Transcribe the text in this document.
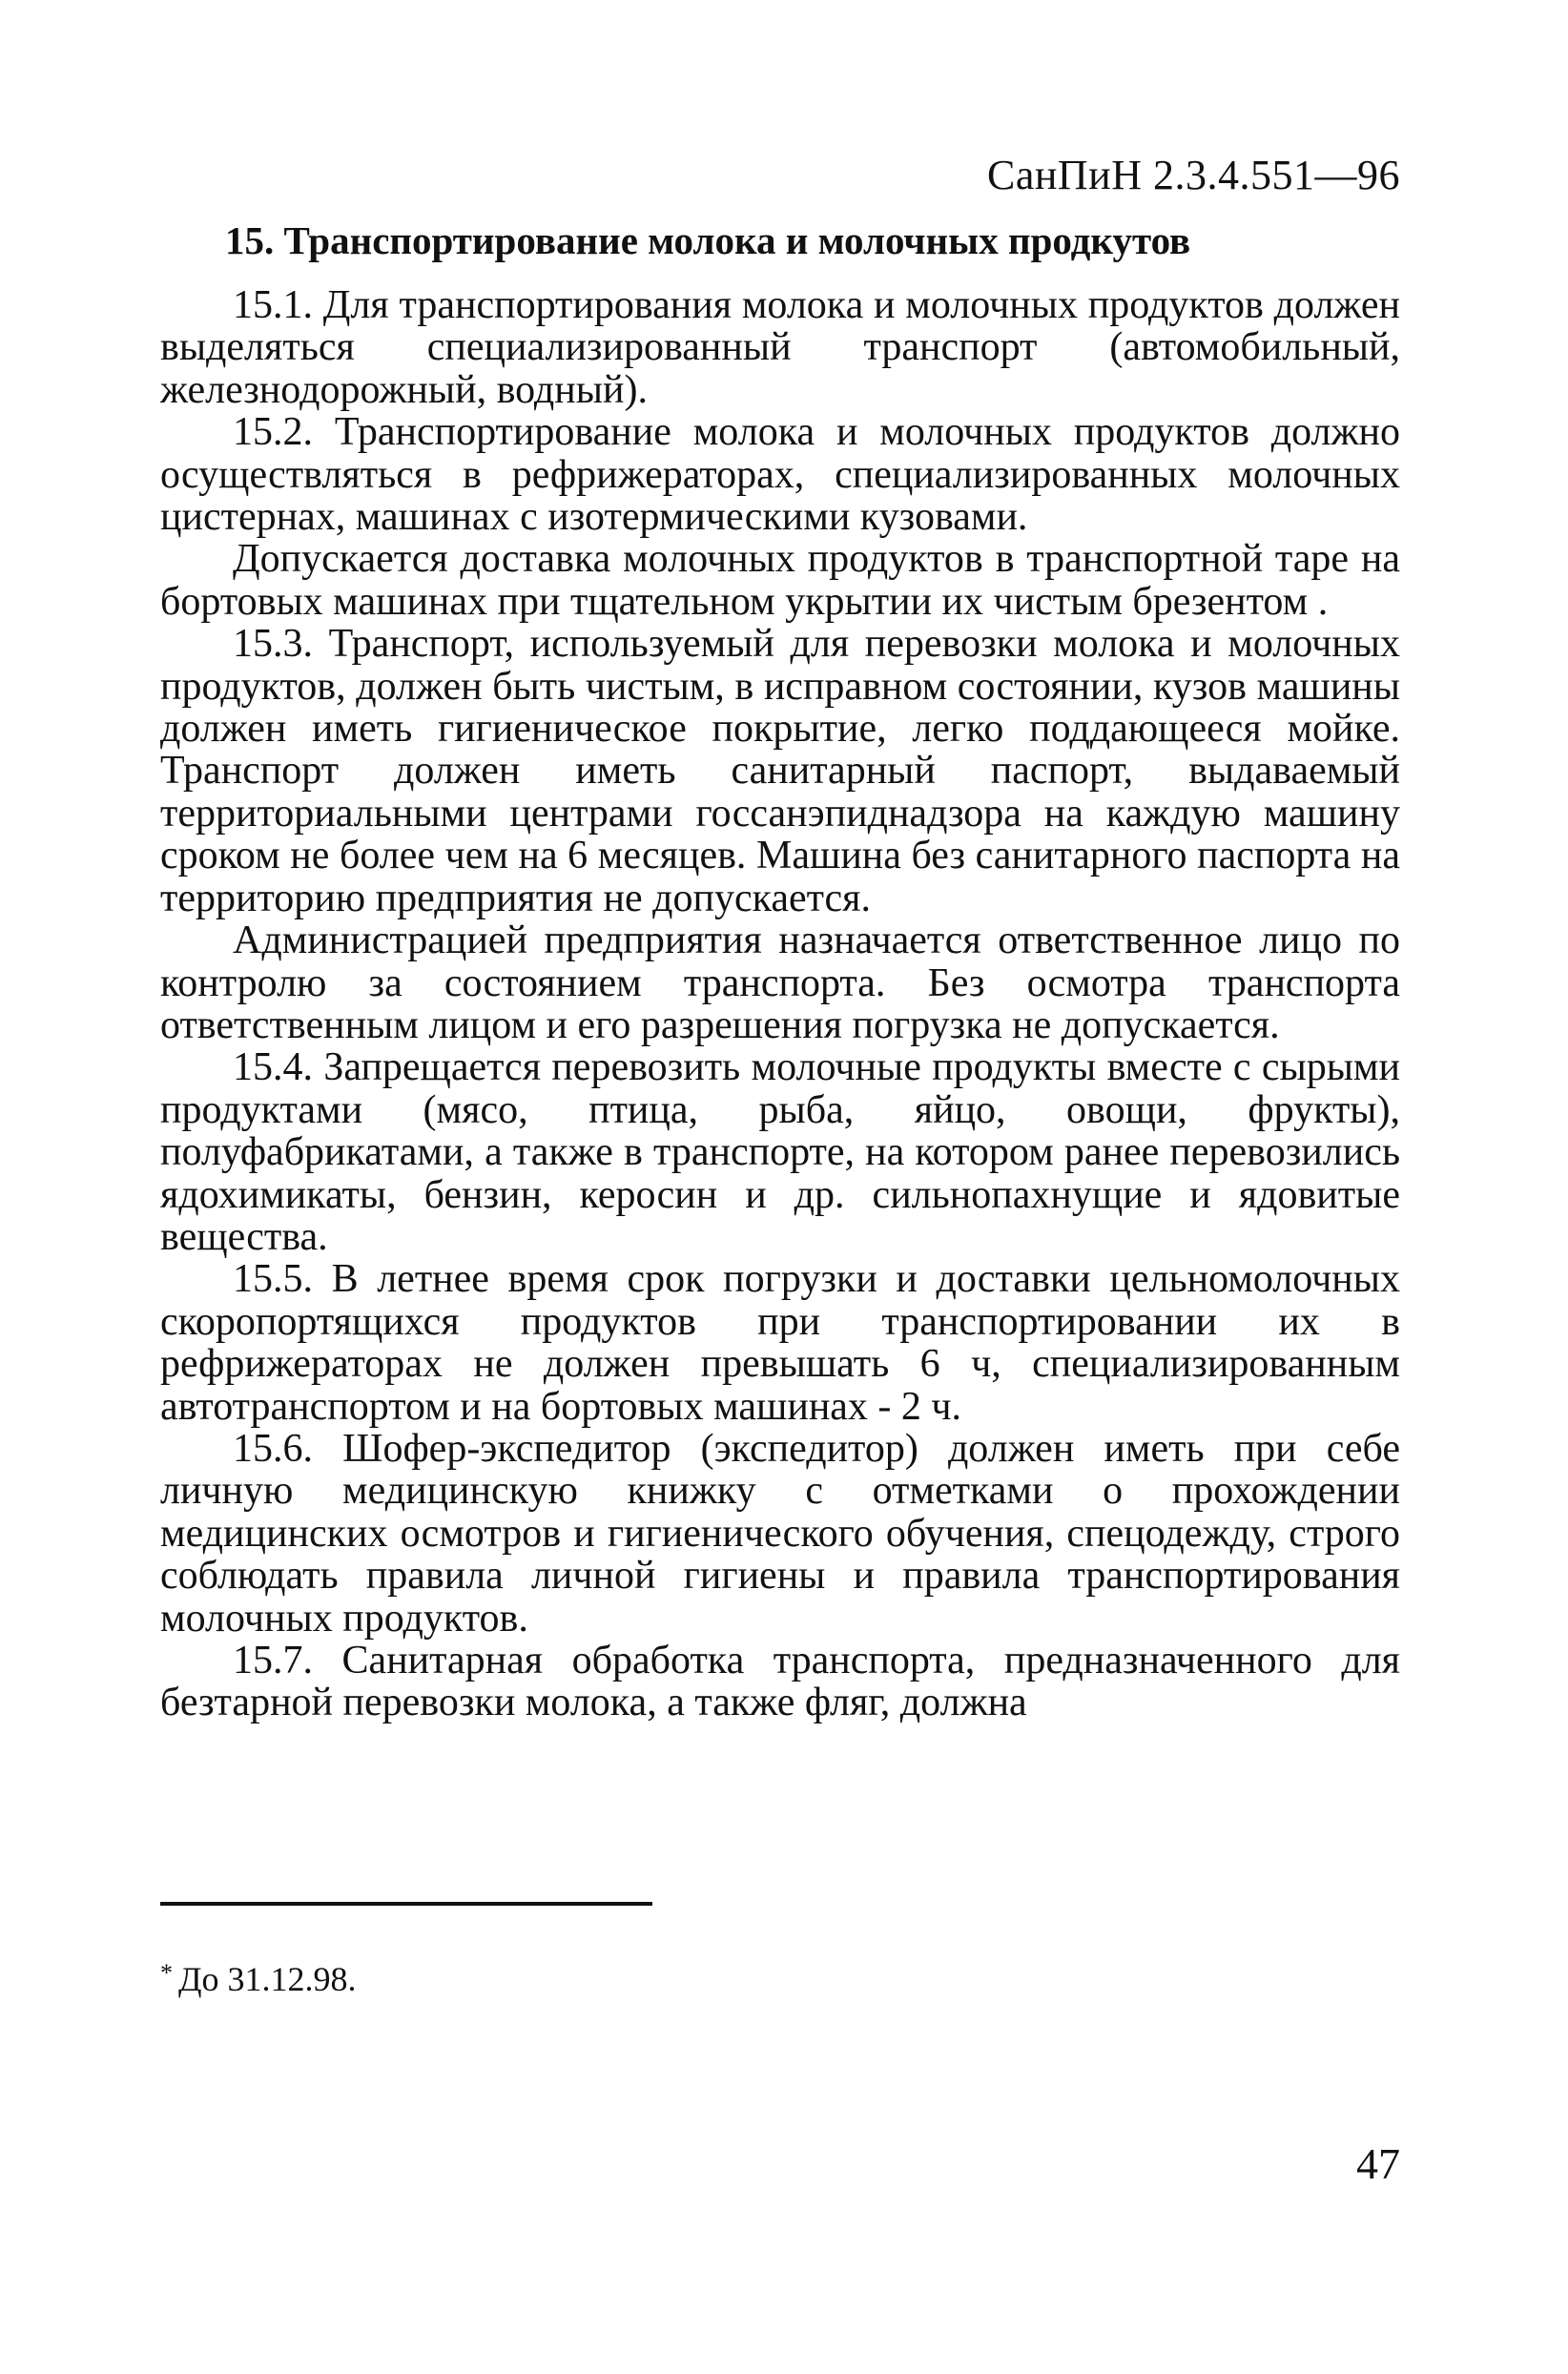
СанПиН 2.3.4.551—96
15. Транспортирование молока и молочных продкутов

15.1. Для транспортирования молока и молочных продуктов должен выделяться специализированный транспорт (автомобильный, железнодорожный, водный).

15.2. Транспортирование молока и молочных продуктов должно осуществляться в рефрижераторах, специализированных молочных цистернах, машинах с изотермическими кузовами.

Допускается доставка молочных продуктов в транспортной таре на бортовых машинах при тщательном укрытии их чистым брезентом .

15.3. Транспорт, используемый для перевозки молока и молочных продуктов, должен быть чистым, в исправном состоянии, кузов машины должен иметь гигиеническое покрытие, легко поддающееся мойке. Транспорт должен иметь санитарный паспорт, выдаваемый территориальными центрами госсанэпиднадзора на каждую машину сроком не более чем на 6 месяцев. Машина без санитарного паспорта на территорию предприятия не допускается.

Администрацией предприятия назначается ответственное лицо по контролю за состоянием транспорта. Без осмотра транспорта ответственным лицом и его разрешения погрузка не допускается.

15.4. Запрещается перевозить молочные продукты вместе с сырыми продуктами (мясо, птица, рыба, яйцо, овощи, фрукты), полуфабрикатами, а также в транспорте, на котором ранее перевозились ядохимикаты, бензин, керосин и др. сильнопахнущие и ядовитые вещества.

15.5. В летнее время срок погрузки и доставки цельномолочных скоропортящихся продуктов при транспортировании их в рефрижераторах не должен превышать 6 ч, специализированным автотранспортом и на бортовых машинах - 2 ч.

15.6. Шофер-экспедитор (экспедитор) должен иметь при себе личную медицинскую книжку с отметками о прохождении медицинских осмотров и гигиенического обучения, спецодежду, строго соблюдать правила личной гигиены и правила транспортирования молочных продуктов.

15.7. Санитарная обработка транспорта, предназначенного для безтарной перевозки молока, а также фляг, должна

* До 31.12.98.
47
